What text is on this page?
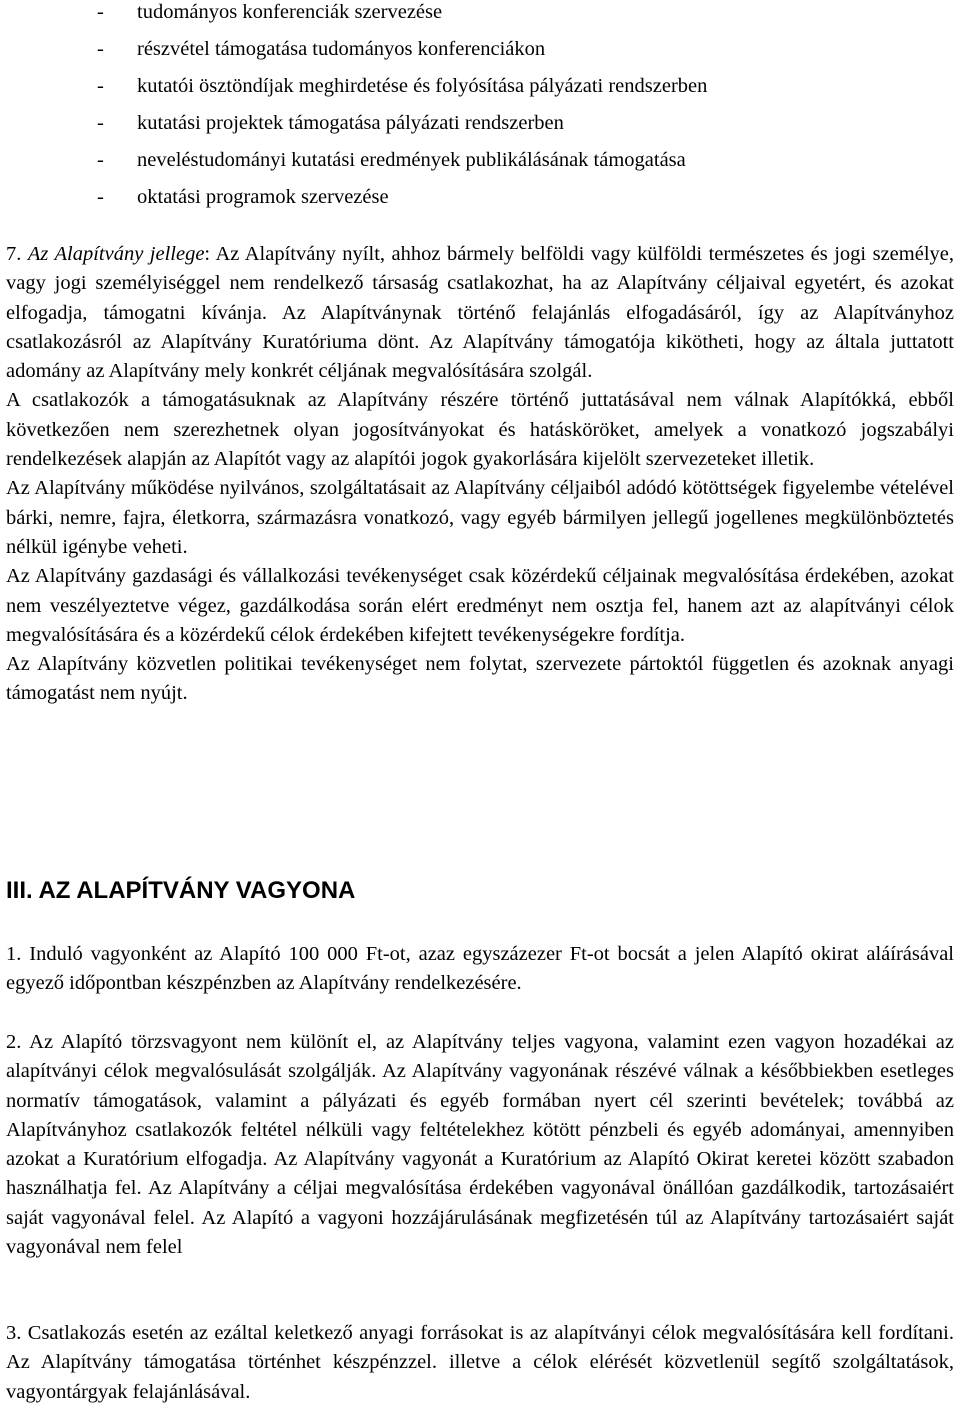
- tudományos konferenciák szervezése
- részvétel támogatása tudományos konferenciákon
- kutatói ösztöndíjak meghirdetése és folyósítása pályázati rendszerben
- kutatási projektek támogatása pályázati rendszerben
- neveléstudományi kutatási eredmények publikálásának támogatása
- oktatási programok szervezése

7. Az Alapítvány jellege: Az Alapítvány nyílt, ahhoz bármely belföldi vagy külföldi természetes és jogi személye, vagy jogi személyiséggel nem rendelkező társaság csatlakozhat, ha az Alapítvány céljaival egyetért, és azokat elfogadja, támogatni kívánja. Az Alapítványnak történő felajánlás elfogadásáról, így az Alapítványhoz csatlakozásról az Alapítvány Kuratóriuma dönt. Az Alapítvány támogatója kikötheti, hogy az általa juttatott adomány az Alapítvány mely konkrét céljának megvalósítására szolgál.

A csatlakozók a támogatásuknak az Alapítvány részére történő juttatásával nem válnak Alapítókká, ebből következően nem szerezhetnek olyan jogosítványokat és hatásköröket, amelyek a vonatkozó jogszabályi rendelkezések alapján az Alapítót vagy az alapítói jogok gyakorlására kijelölt szervezeteket illetik.

Az Alapítvány működése nyilvános, szolgáltatásait az Alapítvány céljaiból adódó kötöttségek figyelembe vételével bárki, nemre, fajra, életkorra, származásra vonatkozó, vagy egyéb bármilyen jellegű jogellenes megkülönböztetés nélkül igénybe veheti.

Az Alapítvány gazdasági és vállalkozási tevékenységet csak közérdekű céljainak megvalósítása érdekében, azokat nem veszélyeztetve végez, gazdálkodása során elért eredményt nem osztja fel, hanem azt az alapítványi célok megvalósítására és a közérdekű célok érdekében kifejtett tevékenységekre fordítja.

Az Alapítvány közvetlen politikai tevékenységet nem folytat, szervezete pártoktól független és azoknak anyagi támogatást nem nyújt.

III. AZ ALAPÍTVÁNY VAGYONA

1. Induló vagyonként az Alapító 100 000 Ft-ot, azaz egyszázezer Ft-ot bocsát a jelen Alapító okirat aláírásával egyező időpontban készpénzben az Alapítvány rendelkezésére.

2. Az Alapító törzsvagyont nem különít el, az Alapítvány teljes vagyona, valamint ezen vagyon hozadékai az alapítványi célok megvalósulását szolgálják. Az Alapítvány vagyonának részévé válnak a későbbiekben esetleges normatív támogatások, valamint a pályázati és egyéb formában nyert cél szerinti bevételek; továbbá az Alapítványhoz csatlakozók feltétel nélküli vagy feltételekhez kötött pénzbeli és egyéb adományai, amennyiben azokat a Kuratórium elfogadja. Az Alapítvány vagyonát a Kuratórium az Alapító Okirat keretei között szabadon használhatja fel. Az Alapítvány a céljai megvalósítása érdekében vagyonával önállóan gazdálkodik, tartozásaiért saját vagyonával felel. Az Alapító a vagyoni hozzájárulásának megfizetésén túl az Alapítvány tartozásaiért saját vagyonával nem felel

3. Csatlakozás esetén az ezáltal keletkező anyagi forrásokat is az alapítványi célok megvalósítására kell fordítani. Az Alapítvány támogatása történhet készpénzzel. illetve a célok elérését közvetlenül segítő szolgáltatások, vagyontárgyak felajánlásával.
